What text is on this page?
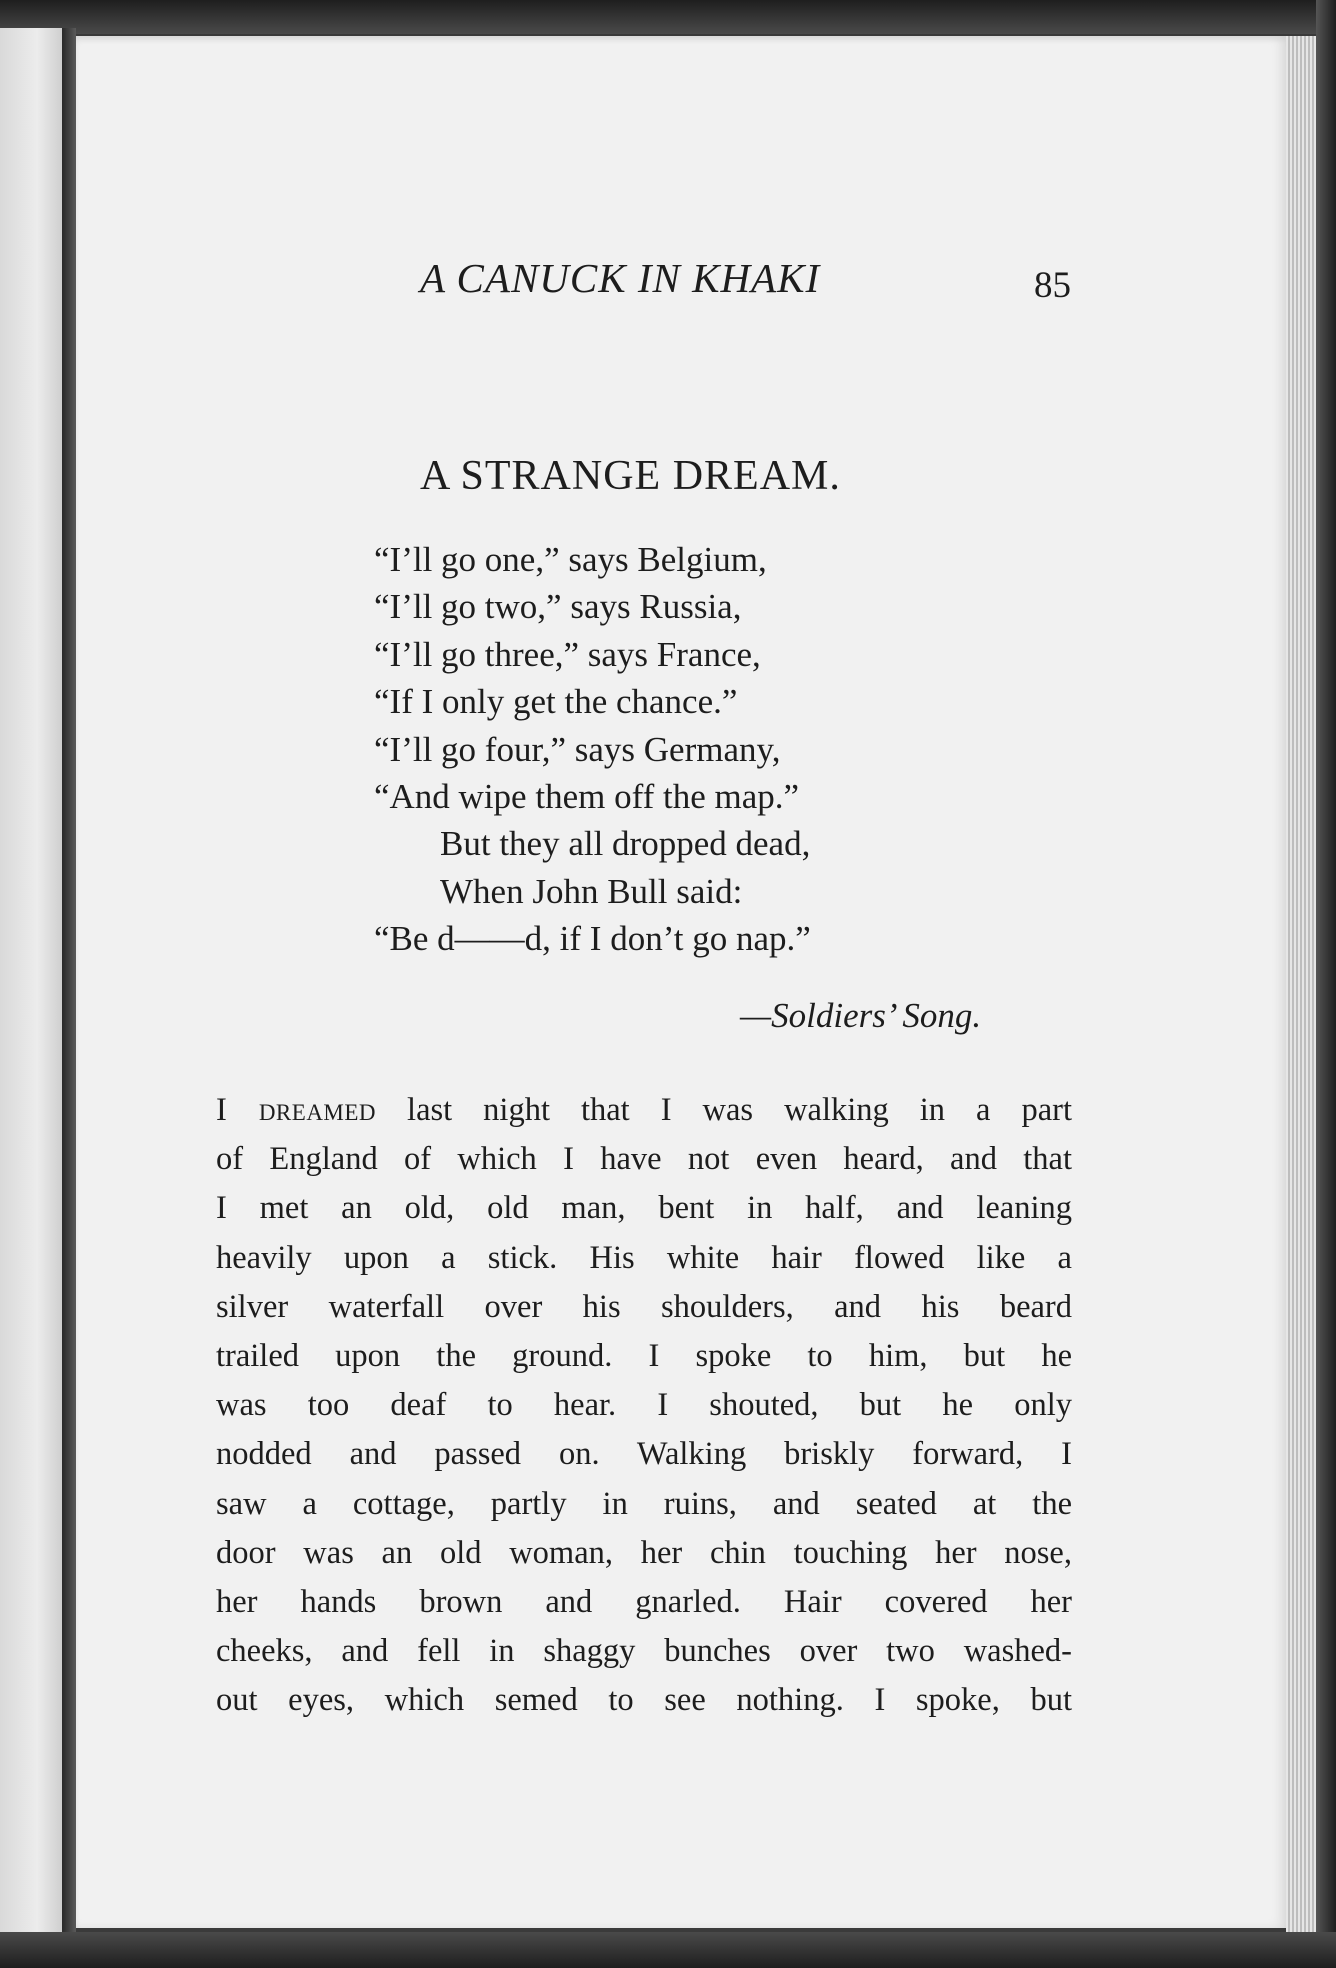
A CANUCK IN KHAKI	85
A STRANGE DREAM.
“I’ll go one,” says Belgium,
“I’ll go two,” says Russia,
“I’ll go three,” says France,
“If I only get the chance.”
“I’ll go four,” says Germany,
“And wipe them off the map.”
But they all dropped dead,
When John Bull said:
“Be d——d, if I don’t go nap.”
—Soldiers’ Song.
I dreamed last night that I was walking in a part
of England of which I have not even heard, and that
I met an old, old man, bent in half, and leaning
heavily upon a stick. His white hair flowed like a
silver waterfall over his shoulders, and his beard
trailed upon the ground. I spoke to him, but he
was too deaf to hear. I shouted, but he only
nodded and passed on. Walking briskly forward, I
saw a cottage, partly in ruins, and seated at the
door was an old woman, her chin touching her nose,
her hands brown and gnarled. Hair covered her
cheeks, and fell in shaggy bunches over two washed-
out eyes, which semed to see nothing. I spoke, but
